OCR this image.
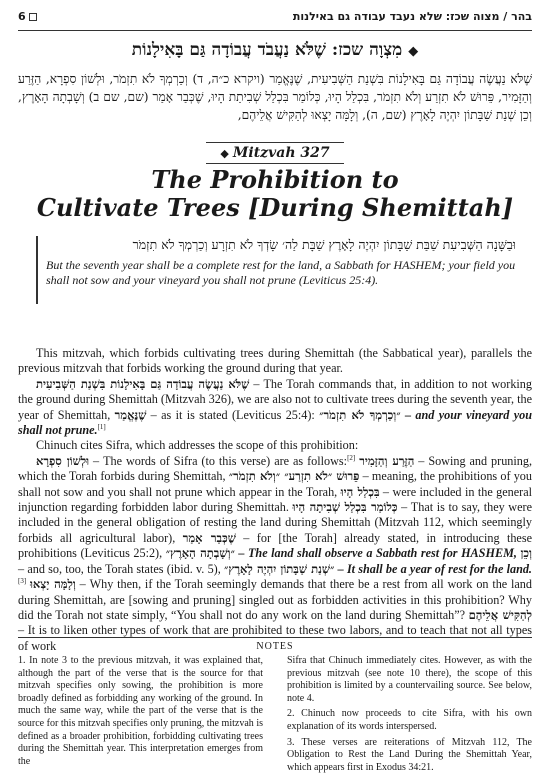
בהר / מצוה שכז: שלא נעבד עבודה גם באילנות
6
◆מִצְוָה שכז: שֶׁלֹּא נַעֲבֹד עֲבוֹדָה גַּם בָּאִילָנוֹת
שֶׁלֹּא נַעֲשֶׂה עֲבוֹדָה גַּם בָּאִילָנוֹת בִּשְׁנַת הַשְּׁבִיעִית, שֶׁנֶּאֱמַר (ויקרא כ״ה, ד) וְכַרְמְךָ לֹא תִזְמֹר, וּלְשׁוֹן סִפְרָא, הַזֶּרַע וְהַזָּמִיר, פֵּרוּשׁ לֹא תִזְרַע וְלֹא תִזְמֹר, בִּכְלַל הָיוּ, כְּלוֹמַר בִּכְלַל שְׁבִיתַת הָיוּ, שֶׁכְּבַר אָמַר (שם, שם ב) וְשָׁבְתָה הָאָרֶץ, וְכֵן שְׁנַת שַׁבָּתוֹן יִהְיֶה לָאָרֶץ (שם, ה), וְלָמָּה יָצְאוּ לְהַקִּישׁ אֲלֵיהֶם,
◆ Mitzvah 327
The Prohibition to
Cultivate Trees [During Shemittah]
וּבַשָּׁנָה הַשְּׁבִיעִת שַׁבַּת שַׁבָּתוֹן יִהְיֶה לָאָרֶץ שַׁבָּת לַה׳ שָׂדְךָ לֹא תִזְרָע וְכַרְמְךָ לֹא תִזְמֹר
But the seventh year shall be a complete rest for the land, a Sabbath for HASHEM; your field you shall not sow and your vineyard you shall not prune (Leviticus 25:4).

This mitzvah, which forbids cultivating trees during Shemittah (the Sabbatical year), parallels the previous mitzvah that forbids working the ground during that year.

שֶׁלֹּא נַעֲשֶׂה עֲבוֹדָה גַּם בָּאִילָנוֹת בִּשְׁנַת הַשְּׁבִיעִית – The Torah commands that, in addition to not working the ground during Shemittah (Mitzvah 326), we are also not to cultivate trees during the seventh year, the year of Shemittah, שֶׁנֶּאֱמַר – as it is stated (Leviticus 25:4): ״וְכַרְמְךָ לֹא תִזְמֹר״ – and your vineyard you shall not prune.[1]

Chinuch cites Sifra, which addresses the scope of this prohibition:

וּלְשׁוֹן סִפְרָא – The words of Sifra (to this verse) are as follows:[2] הַזֶּרַע וְהַזָּמִיר – Sowing and pruning, which the Torah forbids during Shemittah, פֵּרוּשׁ ״לֹא תִזְרַע״ ״וְלֹא תִזְמֹר״ – meaning, the prohibitions of you shall not sow and you shall not prune which appear in the Torah, בִּכְלַל הָיוּ – were included in the general injunction regarding forbidden labor during Shemittah. כְּלוֹמַר בִּכְלַל שְׁבִיתָה הָיוּ – That is to say, they were included in the general obligation of resting the land during Shemittah (Mitzvah 112, which seemingly forbids all agricultural labor), שֶׁכְּבַר אָמַר – for [the Torah] already stated, in introducing these prohibitions (Leviticus 25:2), ״וְשָׁבְתָה הָאָרֶץ״ – The land shall observe a Sabbath rest for HASHEM, וְכֵן – and so, too, the Torah states (ibid. v. 5), ״שְׁנַת שַׁבָּתוֹן יִהְיֶה לָאָרֶץ״ – It shall be a year of rest for the land.[3] וְלָמָּה יָצְאוּ – Why then, if the Torah seemingly demands that there be a rest from all work on the land during Shemittah, are [sowing and pruning] singled out as forbidden activities in this prohibition? Why did the Torah not state simply, “You shall not do any work on the land during Shemittah”? לְהַקִּישׁ אֲלֵיהֶם – It is to liken other types of work that are prohibited to these two labors, and to teach that not all types of work	NOTES

1. In note 3 to the previous mitzvah, it was explained that, although the part of the verse that is the source for that mitzvah specifies only sowing, the prohibition is more broadly defined as forbidding any working of the ground. In much the same way, while the part of the verse that is the source for this mitzvah specifies only pruning, the mitzvah is defined as a broader prohibition, forbidding cultivating trees during the Shemittah year. This interpretation emerges from the

Sifra that Chinuch immediately cites. However, as with the previous mitzvah (see note 10 there), the scope of this prohibition is limited by a countervailing source. See below, note 4.

2. Chinuch now proceeds to cite Sifra, with his own explanation of its words interspersed.

3. These verses are reiterations of Mitzvah 112, The Obligation to Rest the Land During the Shemittah Year, which appears first in Exodus 34:21.
